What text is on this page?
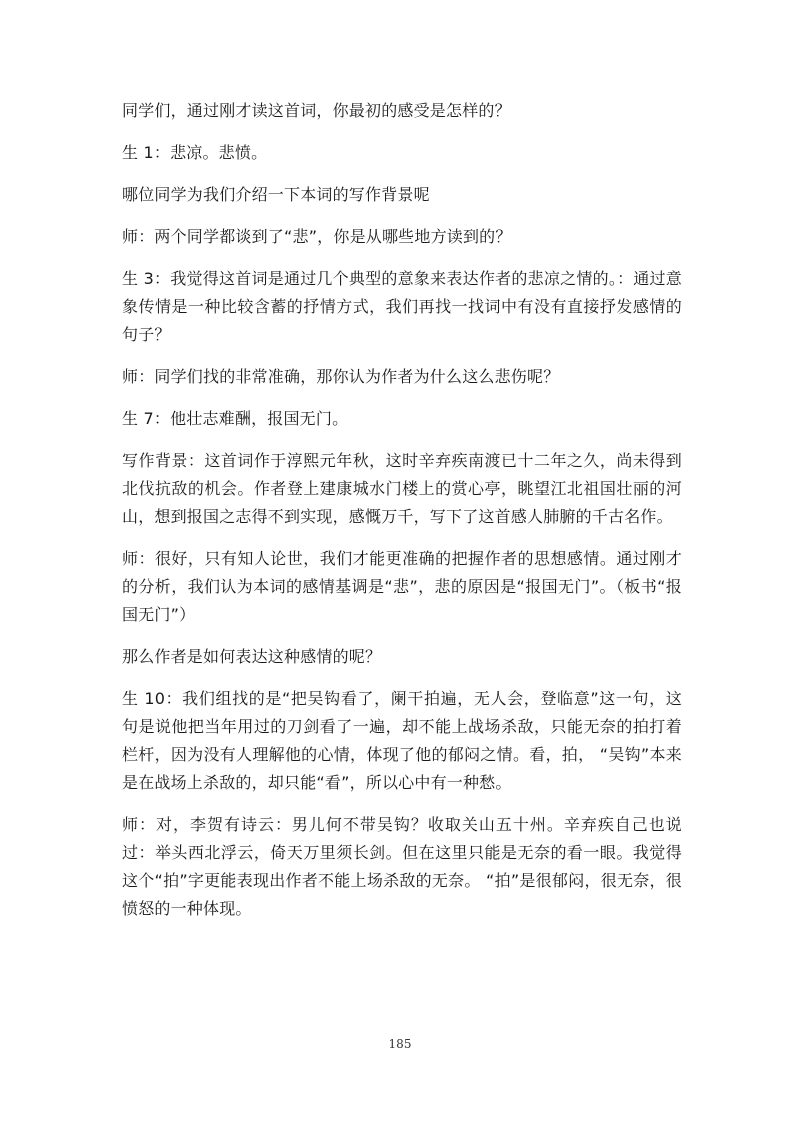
同学们，通过刚才读这首词，你最初的感受是怎样的？

生 1：悲凉。悲愤。

哪位同学为我们介绍一下本词的写作背景呢

师：两个同学都谈到了“悲”，你是从哪些地方读到的？

生 3：我觉得这首词是通过几个典型的意象来表达作者的悲凉之情的。：通过意象传情是一种比较含蓄的抒情方式，我们再找一找词中有没有直接抒发感情的句子？

师：同学们找的非常准确，那你认为作者为什么这么悲伤呢？

生 7：他壮志难酬，报国无门。

写作背景：这首词作于淳熙元年秋，这时辛弃疾南渡已十二年之久，尚未得到北伐抗敌的机会。作者登上建康城水门楼上的赏心亭，眺望江北祖国壮丽的河山，想到报国之志得不到实现，感慨万千，写下了这首感人肺腑的千古名作。

师：很好，只有知人论世，我们才能更准确的把握作者的思想感情。通过刚才的分析，我们认为本词的感情基调是“悲”，悲的原因是“报国无门”。（板书“报国无门”）

那么作者是如何表达这种感情的呢？

生 10：我们组找的是“把吴钩看了，阑干拍遍，无人会，登临意”这一句，这句是说他把当年用过的刀剑看了一遍，却不能上战场杀敌，只能无奈的拍打着栏杆，因为没有人理解他的心情，体现了他的郁闷之情。看，拍， “吴钩”本来是在战场上杀敌的，却只能“看”，所以心中有一种愁。

师：对，李贺有诗云：男儿何不带吴钩？收取关山五十州。辛弃疾自己也说过：举头西北浮云，倚天万里须长剑。但在这里只能是无奈的看一眼。我觉得这个“拍”字更能表现出作者不能上场杀敌的无奈。 “拍”是很郁闷，很无奈，很愤怒的一种体现。

185
